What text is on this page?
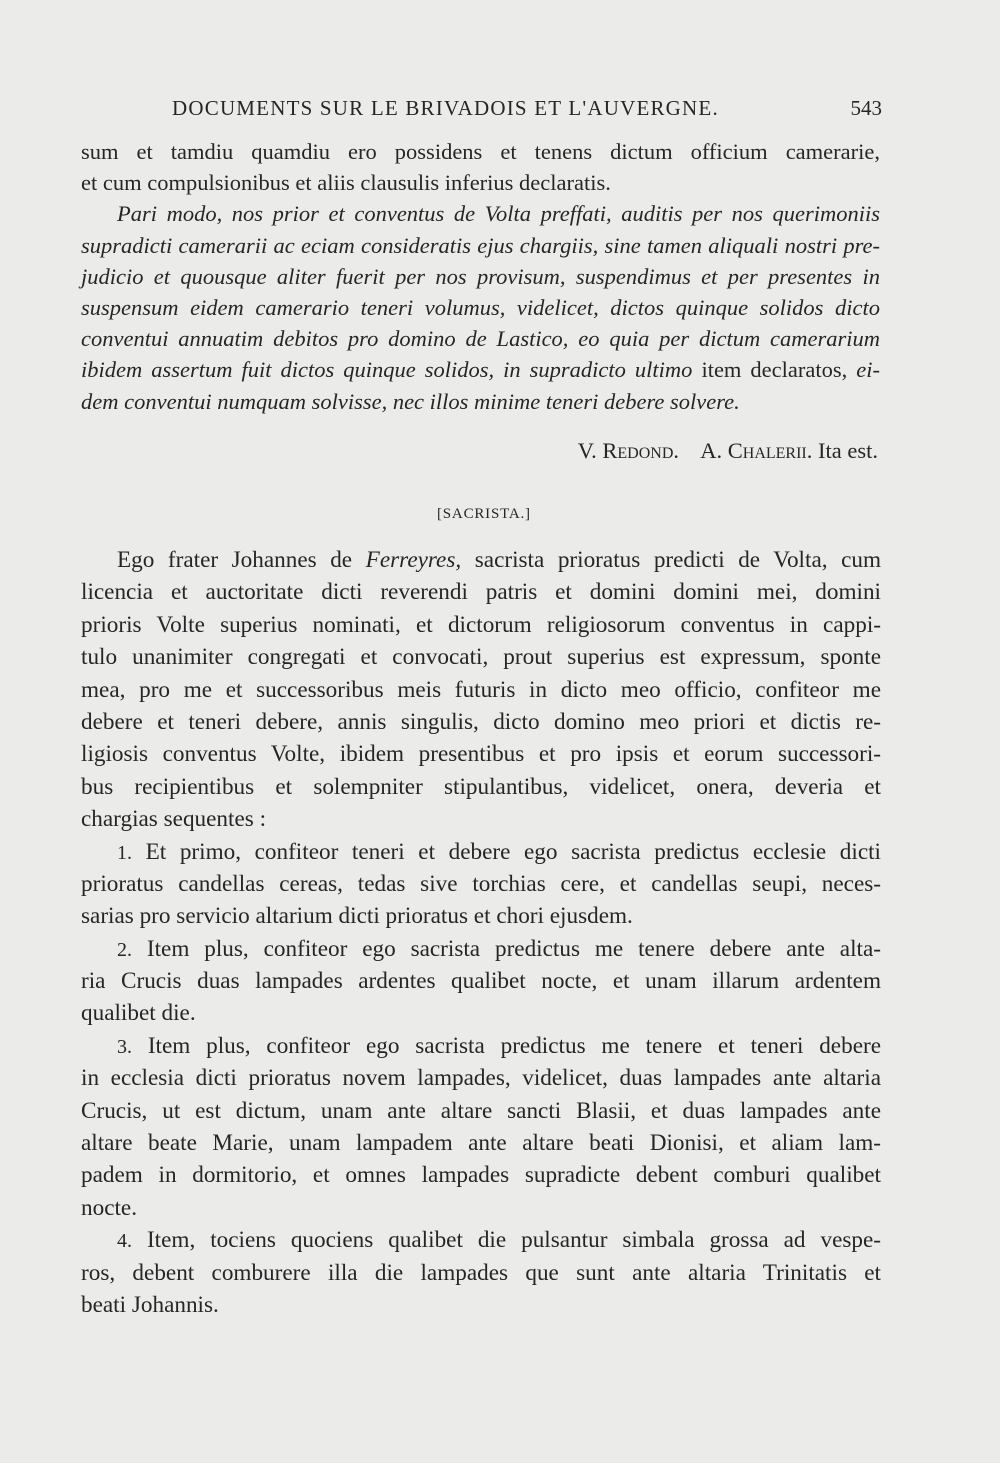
DOCUMENTS SUR LE BRIVADOIS ET L'AUVERGNE.	543
sum et tamdiu quamdiu ero possidens et tenens dictum officium camerarie,
et cum compulsionibus et aliis clausulis inferius declaratis.
Pari modo, nos prior et conventus de Volta preffati, auditis per nos querimoniis
supradicti camerarii ac eciam consideratis ejus chargiis, sine tamen aliquali nostri pre-
judicio et quousque aliter fuerit per nos provisum, suspendimus et per presentes in
suspensum eidem camerario teneri volumus, videlicet, dictos quinque solidos dicto
conventui annuatim debitos pro domino de Lastico, eo quia per dictum camerarium
ibidem assertum fuit dictos quinque solidos, in supradicto ultimo item declaratos, ei-
dem conventui numquam solvisse, nec illos minime teneri debere solvere.
V. Redond. A. Chalerii. Ita est.
[SACRISTA.]
Ego frater Johannes de Ferreyres, sacrista prioratus predicti de Volta, cum
licencia et auctoritate dicti reverendi patris et domini domini mei, domini
prioris Volte superius nominati, et dictorum religiosorum conventus in cappi-
tulo unanimiter congregati et convocati, prout superius est expressum, sponte
mea, pro me et successoribus meis futuris in dicto meo officio, confiteor me
debere et teneri debere, annis singulis, dicto domino meo priori et dictis re-
ligiosis conventus Volte, ibidem presentibus et pro ipsis et eorum successori-
bus recipientibus et solempniter stipulantibus, videlicet, onera, deveria et
chargias sequentes :
1. Et primo, confiteor teneri et debere ego sacrista predictus ecclesie dicti
prioratus candellas cereas, tedas sive torchias cere, et candellas seupi, neces-
sarias pro servicio altarium dicti prioratus et chori ejusdem.
2. Item plus, confiteor ego sacrista predictus me tenere debere ante alta-
ria Crucis duas lampades ardentes qualibet nocte, et unam illarum ardentem
qualibet die.
3. Item plus, confiteor ego sacrista predictus me tenere et teneri debere
in ecclesia dicti prioratus novem lampades, videlicet, duas lampades ante altaria
Crucis, ut est dictum, unam ante altare sancti Blasii, et duas lampades ante
altare beate Marie, unam lampadem ante altare beati Dionisi, et aliam lam-
padem in dormitorio, et omnes lampades supradicte debent comburi qualibet
nocte.
4. Item, tociens quociens qualibet die pulsantur simbala grossa ad vespe-
ros, debent comburere illa die lampades que sunt ante altaria Trinitatis et
beati Johannis.
